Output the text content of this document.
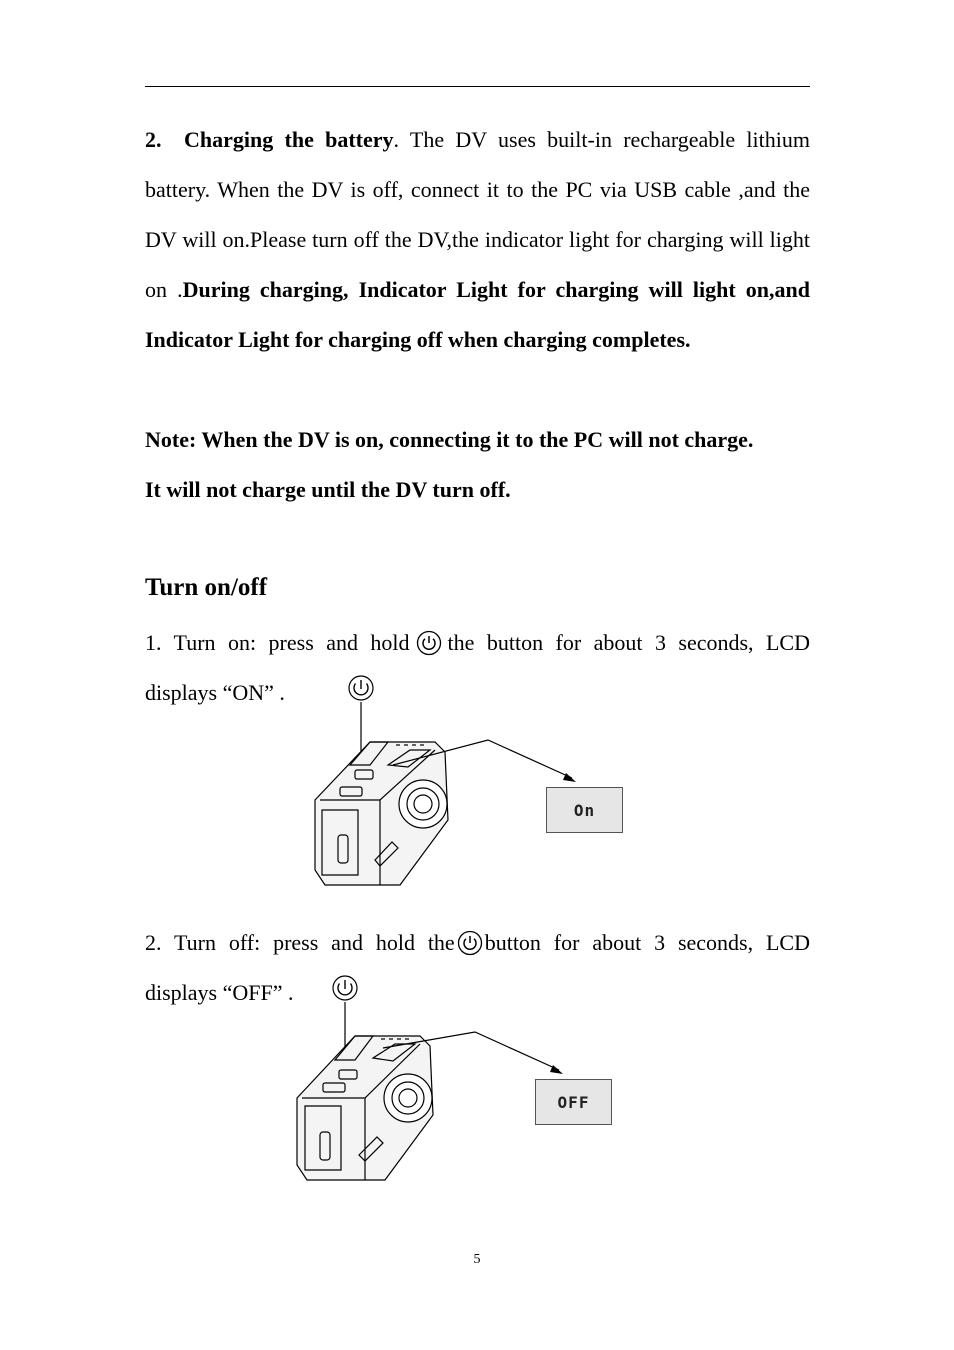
2. Charging the battery. The DV uses built-in rechargeable lithium battery. When the DV is off, connect it to the PC via USB cable ,and the DV will on.Please turn off the DV,the indicator light for charging will light on .During charging, Indicator Light for charging will light on,and Indicator Light for charging off when charging completes.
Note: When the DV is on, connecting it to the PC will not charge.
It will not charge until the DV turn off.
Turn on/off
1. Turn on: press and hold the button for about 3 seconds, LCD
displays “ON” .
On
2. Turn off: press and hold the button for about 3 seconds, LCD
displays “OFF” .
OFF
5
